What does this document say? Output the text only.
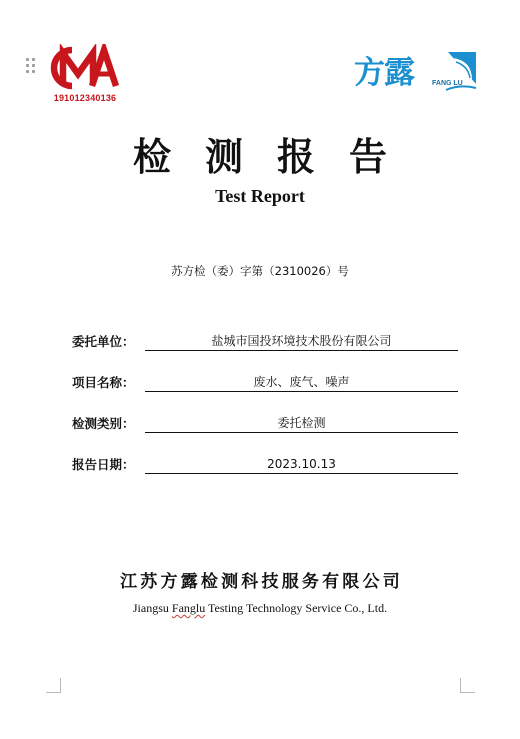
191012340136
方露	FANG LU
检测报告
Test Report
苏方检（委）字第（2310026）号
委托单位：	盐城市国投环境技术股份有限公司
项目名称：	废水、废气、噪声
检测类别：	委托检测
报告日期：	2023.10.13
江苏方露检测科技服务有限公司
Jiangsu Fanglu Testing Technology Service Co., Ltd.
